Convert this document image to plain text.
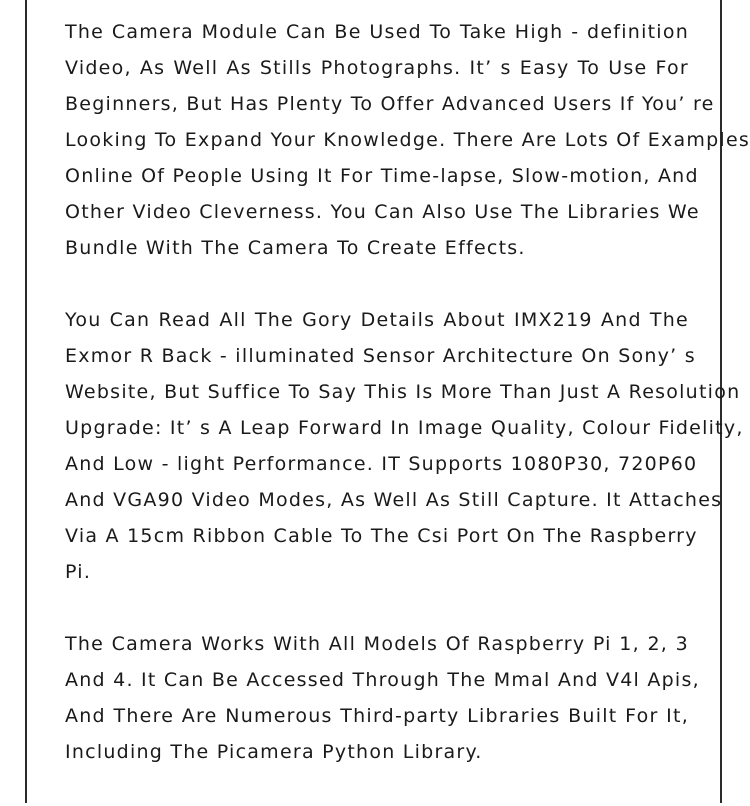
The Camera Module Can Be Used To Take High - definition
Video, As Well As Stills Photographs. It’ s Easy To Use For
Beginners, But Has Plenty To Offer Advanced Users If You’ re
Looking To Expand Your Knowledge. There Are Lots Of Examples
Online Of People Using It For Time-lapse, Slow-motion, And
Other Video Cleverness. You Can Also Use The Libraries We
Bundle With The Camera To Create Effects.
You Can Read All The Gory Details About IMX219 And The
Exmor R Back - illuminated Sensor Architecture On Sony’ s
Website, But Suffice To Say This Is More Than Just A Resolution
Upgrade: It’ s A Leap Forward In Image Quality, Colour Fidelity,
And Low - light Performance. IT Supports 1080P30, 720P60
And VGA90 Video Modes, As Well As Still Capture. It Attaches
Via A 15cm Ribbon Cable To The Csi Port On The Raspberry
Pi.
The Camera Works With All Models Of Raspberry Pi 1, 2, 3
And 4. It Can Be Accessed Through The Mmal And V4l Apis,
And There Are Numerous Third-party Libraries Built For It,
Including The Picamera Python Library.
